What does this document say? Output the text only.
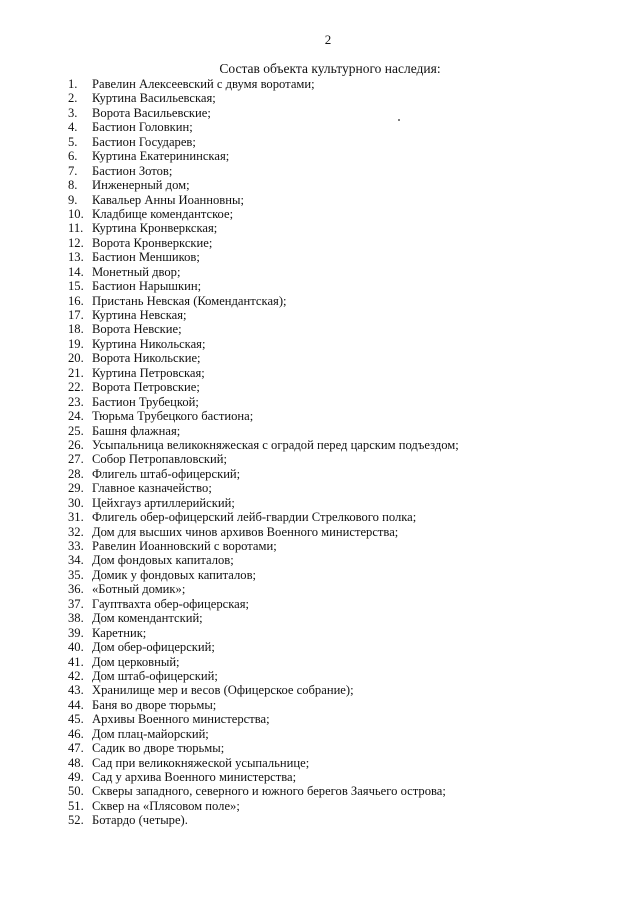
2
Состав объекта культурного наследия:
1. Равелин Алексеевский с двумя воротами;
2. Куртина Васильевская;
3. Ворота Васильевские;
4. Бастион Головкин;
5. Бастион Государев;
6. Куртина Екатерининская;
7. Бастион Зотов;
8. Инженерный дом;
9. Кавальер Анны Иоанновны;
10. Кладбище комендантское;
11. Куртина Кронверкская;
12. Ворота Кронверкские;
13. Бастион Меншиков;
14. Монетный двор;
15. Бастион Нарышкин;
16. Пристань Невская (Комендантская);
17. Куртина Невская;
18. Ворота Невские;
19. Куртина Никольская;
20. Ворота Никольские;
21. Куртина Петровская;
22. Ворота Петровские;
23. Бастион Трубецкой;
24. Тюрьма Трубецкого бастиона;
25. Башня флажная;
26. Усыпальница великокняжеская с оградой перед царским подъездом;
27. Собор Петропавловский;
28. Флигель штаб-офицерский;
29. Главное казначейство;
30. Цейхгауз артиллерийский;
31. Флигель обер-офицерский лейб-гвардии Стрелкового полка;
32. Дом для высших чинов архивов Военного министерства;
33. Равелин Иоанновский с воротами;
34. Дом фондовых капиталов;
35. Домик у фондовых капиталов;
36. «Ботный домик»;
37. Гауптвахта обер-офицерская;
38. Дом комендантский;
39. Каретник;
40. Дом обер-офицерский;
41. Дом церковный;
42. Дом штаб-офицерский;
43. Хранилище мер и весов (Офицерское собрание);
44. Баня во дворе тюрьмы;
45. Архивы Военного министерства;
46. Дом плац-майорский;
47. Садик во дворе тюрьмы;
48. Сад при великокняжеской усыпальнице;
49. Сад у архива Военного министерства;
50. Скверы западного, северного и южного берегов Заячьего острова;
51. Сквер на «Плясовом поле»;
52. Ботардо (четыре).
